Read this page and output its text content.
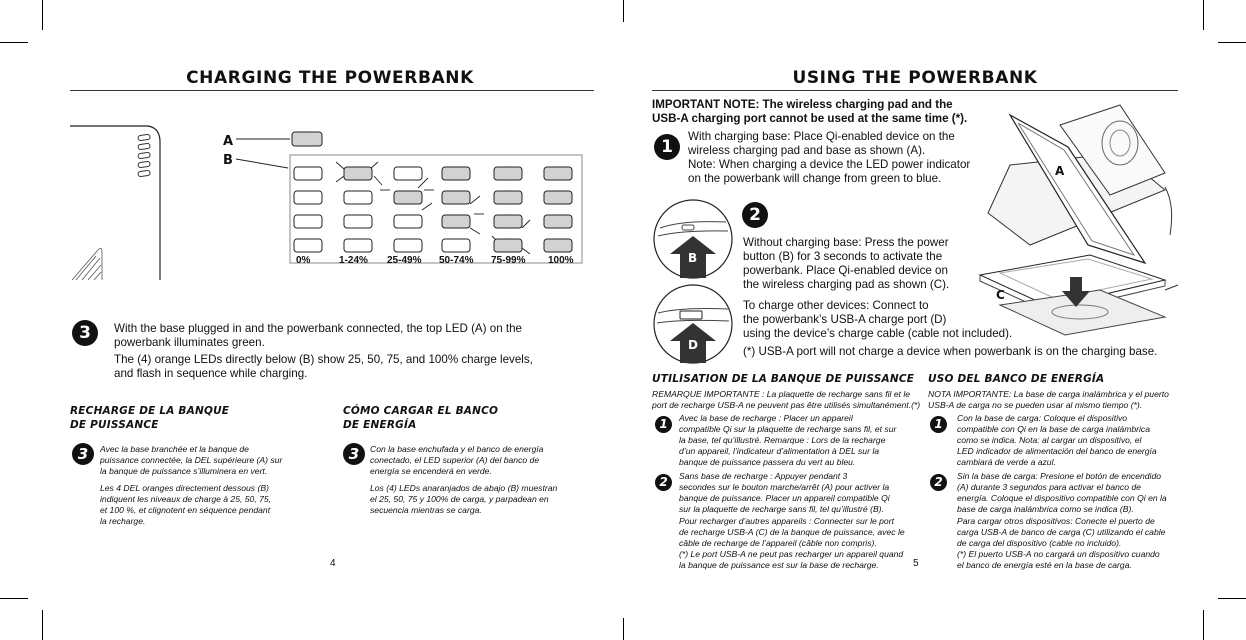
CHARGING THE POWERBANK
A
B
0%	1-24% 25-49% 50-74% 75-99% 100%
3	With the base plugged in and the powerbank connected, the top LED (A) on the
powerbank illuminates green.
The (4) orange LEDs directly below (B) show 25, 50, 75, and 100% charge levels,
and flash in sequence while charging.
RECHARGE DE LA BANQUE
DE PUISSANCE
3	Avec la base branchée et la banque de
puissance connectée, la DEL supérieure (A) sur
la banque de puissance s’illuminera en vert.
Les 4 DEL oranges directement dessous (B)
indiquent les niveaux de charge à 25, 50, 75,
et 100 %, et clignotent en séquence pendant
la recharge.
CÓMO CARGAR EL BANCO
DE ENERGÍA
3	Con la base enchufada y el banco de energía
conectado, el LED superior (A) del banco de
energía se encenderá en verde.
Los (4) LEDs anaranjados de abajo (B) muestran
el 25, 50, 75 y 100% de carga, y parpadean en
secuencia mientras se carga.
4
USING THE POWERBANK
IMPORTANT NOTE: The wireless charging pad and the
USB-A charging port cannot be used at the same time (*).
1
With charging base: Place Qi-enabled device on the
wireless charging pad and base as shown (A).
Note: When charging a device the LED power indicator
on the powerbank will change from green to blue.
A
C
B
D
2
Without charging base: Press the power
button (B) for 3 seconds to activate the
powerbank. Place Qi-enabled device on
the wireless charging pad as shown (C).
To charge other devices: Connect to
the powerbank’s USB-A charge port (D)
using the device’s charge cable (cable not included).
(*) USB-A port will not charge a device when powerbank is on the charging base.
UTILISATION DE LA BANQUE DE PUISSANCE
REMARQUE IMPORTANTE : La plaquette de recharge sans fil et le
port de recharge USB-A ne peuvent pas être utilisés simultanément.(*)
1	Avec la base de recharge : Placer un appareil
compatible Qi sur la plaquette de recharge sans fil, et sur
la base, tel qu’illustré. Remarque : Lors de la recharge
d’un appareil, l’indicateur d’alimentation à DEL sur la
banque de puissance passera du vert au bleu.
2	Sans base de recharge : Appuyer pendant 3
secondes sur le bouton marche/arrêt (A) pour activer la
banque de puissance. Placer un appareil compatible Qi
sur la plaquette de recharge sans fil, tel qu’illustré (B).
Pour recharger d’autres appareils : Connecter sur le port
de recharge USB-A (C) de la banque de puissance, avec le
câble de recharge de l’appareil (câble non compris).
(*) Le port USB-A ne peut pas recharger un appareil quand
la banque de puissance est sur la base de recharge.
USO DEL BANCO DE ENERGÍA
NOTA IMPORTANTE: La base de carga inalámbrica y el puerto
USB-A de carga no se pueden usar al mismo tiempo (*).
1	Con la base de carga: Coloque el dispositivo
compatible con Qi en la base de carga inalámbrica
como se indica. Nota: al cargar un dispositivo, el
LED indicador de alimentación del banco de energía
cambiará de verde a azul.
2	Sin la base de carga: Presione el botón de encendido
(A) durante 3 segundos para activar el banco de
energía. Coloque el dispositivo compatible con Qi en la
base de carga inalámbrica como se indica (B).
Para cargar otros dispositivos: Conecte el puerto de
carga USB-A de banco de carga (C) utilizando el cable
de carga del dispositivo (cable no incluido).
(*) El puerto USB-A no cargará un dispositivo cuando
el banco de energía esté en la base de carga.
5
